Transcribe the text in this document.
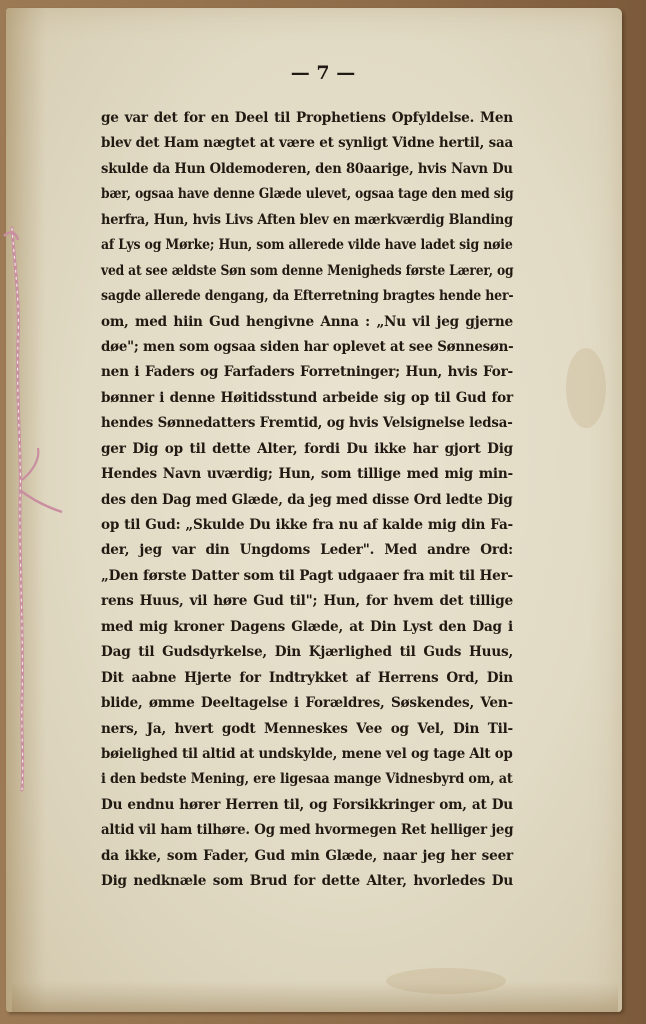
— 7 —
ge var det for en Deel til Prophetiens Opfyldelse. Men
blev det Ham nægtet at være et synligt Vidne hertil, saa
skulde da Hun Oldemoderen, den 80aarige, hvis Navn Du
bær, ogsaa have denne Glæde ulevet, ogsaa tage den med sig
herfra, Hun, hvis Livs Aften blev en mærkværdig Blanding
af Lys og Mørke; Hun, som allerede vilde have ladet sig nøie
ved at see ældste Søn som denne Menigheds første Lærer, og
sagde allerede dengang, da Efterretning bragtes hende her-
om, med hiin Gud hengivne Anna : „Nu vil jeg gjerne
døe"; men som ogsaa siden har oplevet at see Sønnesøn-
nen i Faders og Farfaders Forretninger; Hun, hvis For-
bønner i denne Høitidsstund arbeide sig op til Gud for
hendes Sønnedatters Fremtid, og hvis Velsignelse ledsa-
ger Dig op til dette Alter, fordi Du ikke har gjort Dig
Hendes Navn uværdig; Hun, som tillige med mig min-
des den Dag med Glæde, da jeg med disse Ord ledte Dig
op til Gud: „Skulde Du ikke fra nu af kalde mig din Fa-
der, jeg var din Ungdoms Leder". Med andre Ord:
„Den første Datter som til Pagt udgaaer fra mit til Her-
rens Huus, vil høre Gud til"; Hun, for hvem det tillige
med mig kroner Dagens Glæde, at Din Lyst den Dag i
Dag til Gudsdyrkelse, Din Kjærlighed til Guds Huus,
Dit aabne Hjerte for Indtrykket af Herrens Ord, Din
blide, ømme Deeltagelse i Forældres, Søskendes, Ven-
ners, Ja, hvert godt Menneskes Vee og Vel, Din Til-
bøielighed til altid at undskylde, mene vel og tage Alt op
i den bedste Mening, ere ligesaa mange Vidnesbyrd om, at
Du endnu hører Herren til, og Forsikkringer om, at Du
altid vil ham tilhøre. Og med hvormegen Ret helliger jeg
da ikke, som Fader, Gud min Glæde, naar jeg her seer
Dig nedknæle som Brud for dette Alter, hvorledes Du
